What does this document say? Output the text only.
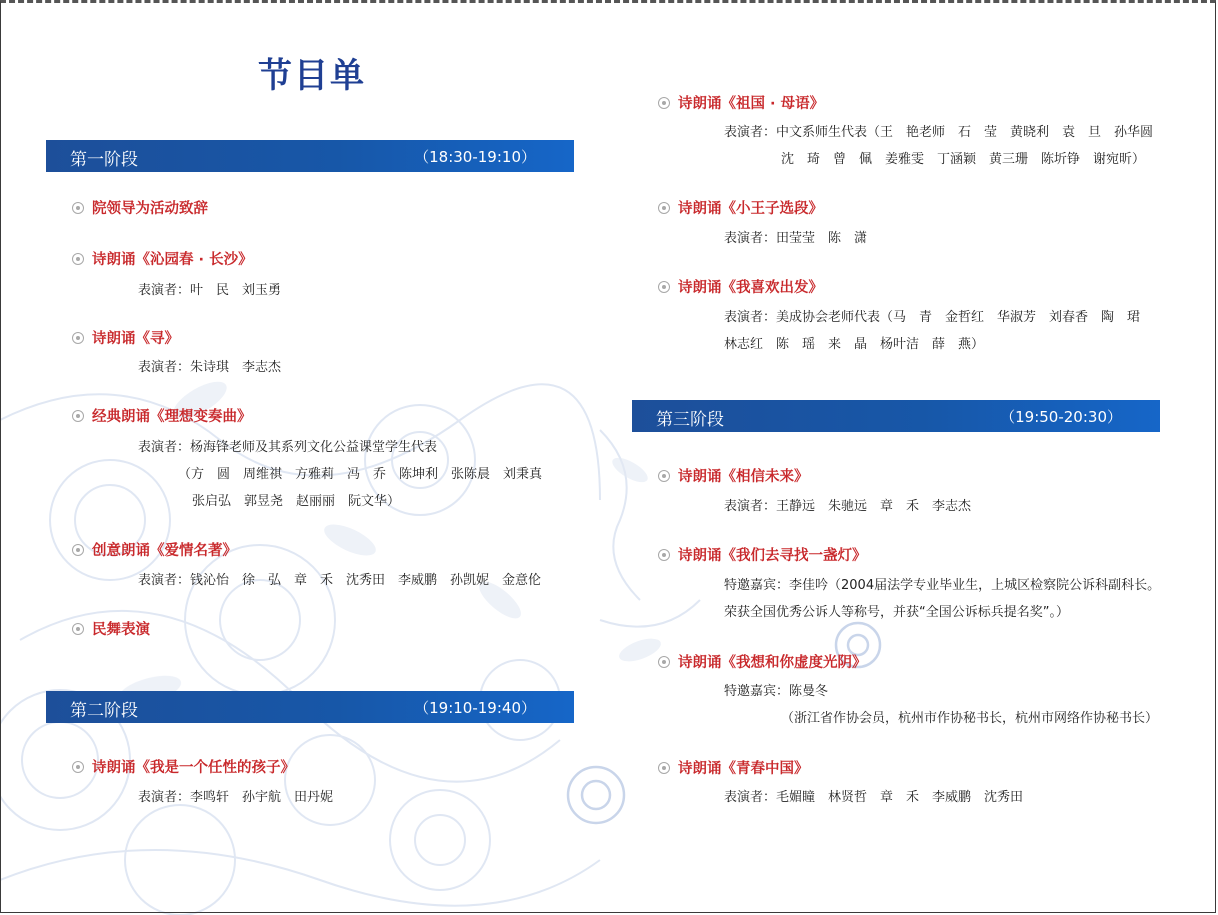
节目单
第一阶段	（18:30-19:10）
第二阶段	（19:10-19:40）
第三阶段	（19:50-20:30）
院领导为活动致辞
诗朗诵《沁园春 · 长沙》
表演者：叶　民　刘玉勇
诗朗诵《寻》
表演者：朱诗琪　李志杰
经典朗诵《理想变奏曲》
表演者：杨海锋老师及其系列文化公益课堂学生代表
（方　圆　周维祺　方雅莉　冯　乔　陈坤利　张陈晨　刘秉真
张启弘　郭昱尧　赵丽丽　阮文华）
创意朗诵《爱情名著》
表演者：钱沁怡　徐　弘　章　禾　沈秀田　李威鹏　孙凯妮　金意伦
民舞表演
诗朗诵《我是一个任性的孩子》
表演者：李鸣轩　孙宇航　田丹妮
诗朗诵《祖国 · 母语》
表演者：中文系师生代表（王　艳老师　石　莹　黄晓利　袁　旦　孙华圆
沈　琦　曾　佩　姜雅雯　丁涵颖　黄三珊　陈圻铮　谢宛昕）
诗朗诵《小王子选段》
表演者：田莹莹　陈　潇
诗朗诵《我喜欢出发》
表演者：美成协会老师代表（马　青　金哲红　华淑芳　刘春香　陶　珺
林志红　陈　瑶　来　晶　杨叶洁　薛　燕）
诗朗诵《相信未来》
表演者：王静远　朱驰远　章　禾　李志杰
诗朗诵《我们去寻找一盏灯》
特邀嘉宾：李佳吟（2004届法学专业毕业生，上城区检察院公诉科副科长。
荣获全国优秀公诉人等称号，并获“全国公诉标兵提名奖”。）
诗朗诵《我想和你虚度光阴》
特邀嘉宾：陈曼冬
（浙江省作协会员，杭州市作协秘书长，杭州市网络作协秘书长）
诗朗诵《青春中国》
表演者：毛媚瞳　林贤哲　章　禾　李威鹏　沈秀田
